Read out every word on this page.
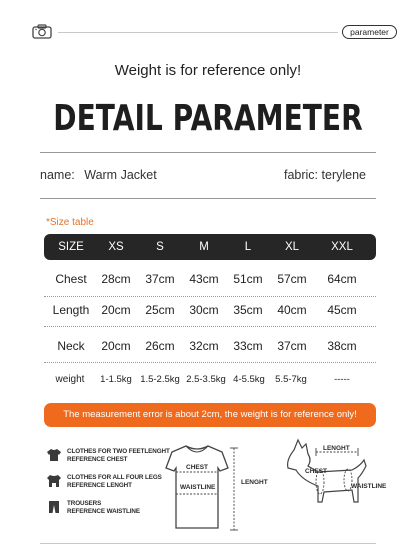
parameter
Weight is for reference only!
DETAIL PARAMETER
name: Warm Jacket	fabric: terylene
*Size table
SIZE	XS	S	M	L	XL	XXL
Chest	28cm	37cm	43cm	51cm	57cm	64cm
Length 20cm	25cm	30cm	35cm	40cm	45cm
Neck	20cm	26cm	32cm	33cm	37cm	38cm
weight	1-1.5kg 1.5-2.5kg 2.5-3.5kg 4-5.5kg	5.5-7kg	-----
The measurement error is about 2cm, the weight is for reference only!
CLOTHES FOR TWO FEETLENGHT
REFERENCE CHEST
CLOTHES FOR ALL FOUR LEGS
REFERENCE LENGHT
TROUSERS
REFERENCE WAISTLINE
CHEST
WAISTLINE
LENGHT
LENGHT
CHEST
WAISTLINE
